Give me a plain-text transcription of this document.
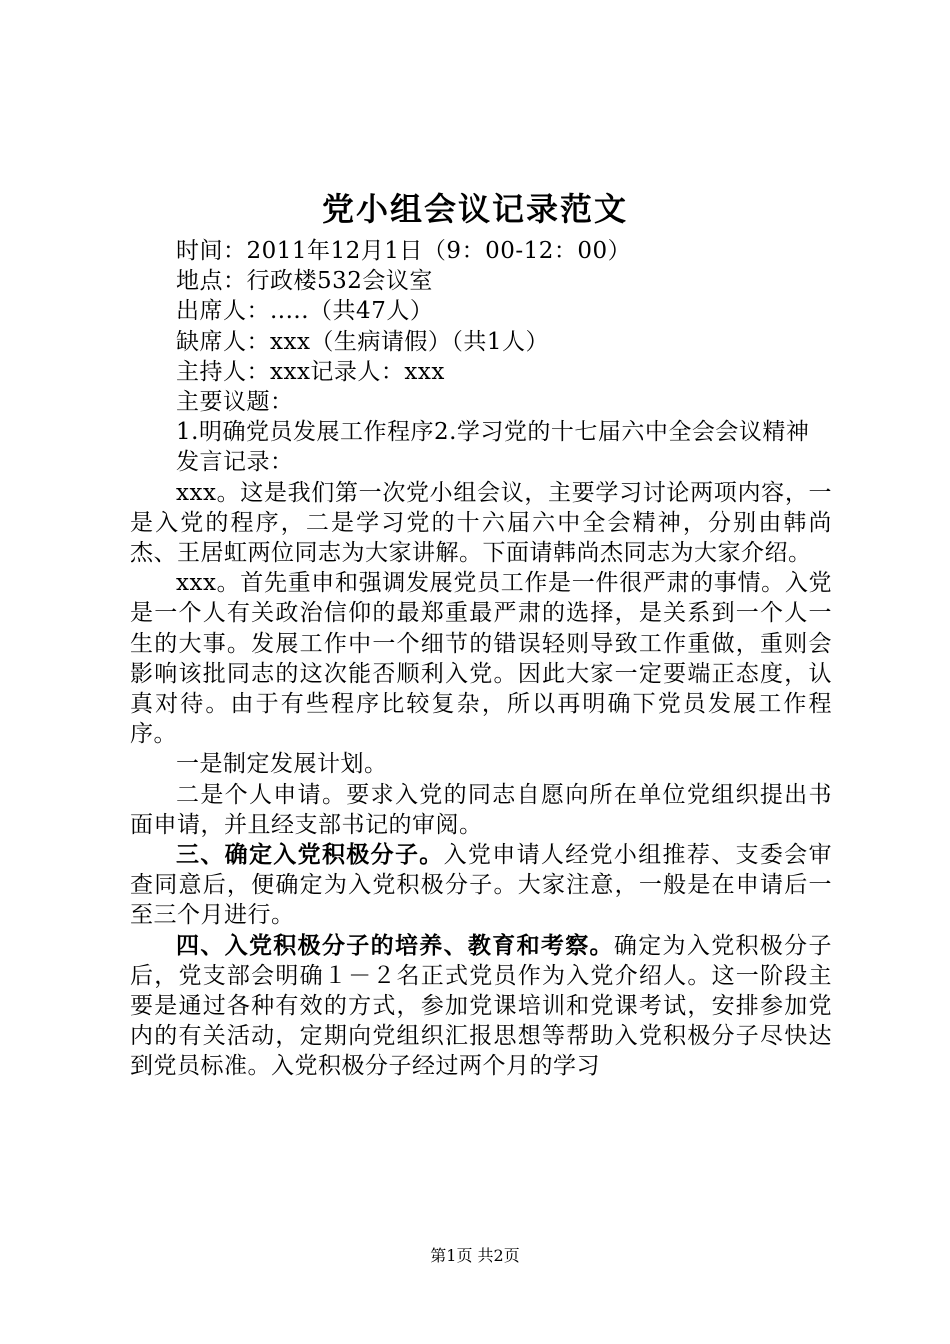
党小组会议记录范文

时间：2011年12月1日（9：00-12：00）

地点：行政楼532会议室

出席人：.....（共47人）

缺席人：xxx（生病请假）（共1人）

主持人：xxx记录人：xxx

主要议题：

1.明确党员发展工作程序2.学习党的十七届六中全会会议精神

发言记录：

xxx。这是我们第一次党小组会议，主要学习讨论两项内容，一是入党的程序，二是学习党的十六届六中全会精神，分别由韩尚杰、王居虹两位同志为大家讲解。下面请韩尚杰同志为大家介绍。

xxx。首先重申和强调发展党员工作是一件很严肃的事情。入党是一个人有关政治信仰的最郑重最严肃的选择，是关系到一个人一生的大事。发展工作中一个细节的错误轻则导致工作重做，重则会影响该批同志的这次能否顺利入党。因此大家一定要端正态度，认真对待。由于有些程序比较复杂，所以再明确下党员发展工作程序。

一是制定发展计划。

二是个人申请。要求入党的同志自愿向所在单位党组织提出书面申请，并且经支部书记的审阅。

三、确定入党积极分子。入党申请人经党小组推荐、支委会审查同意后，便确定为入党积极分子。大家注意，一般是在申请后一至三个月进行。

四、入党积极分子的培养、教育和考察。确定为入党积极分子后，党支部会明确１－２名正式党员作为入党介绍人。这一阶段主要是通过各种有效的方式，参加党课培训和党课考试，安排参加党内的有关活动，定期向党组织汇报思想等帮助入党积极分子尽快达到党员标准。入党积极分子经过两个月的学习

第1页 共2页
